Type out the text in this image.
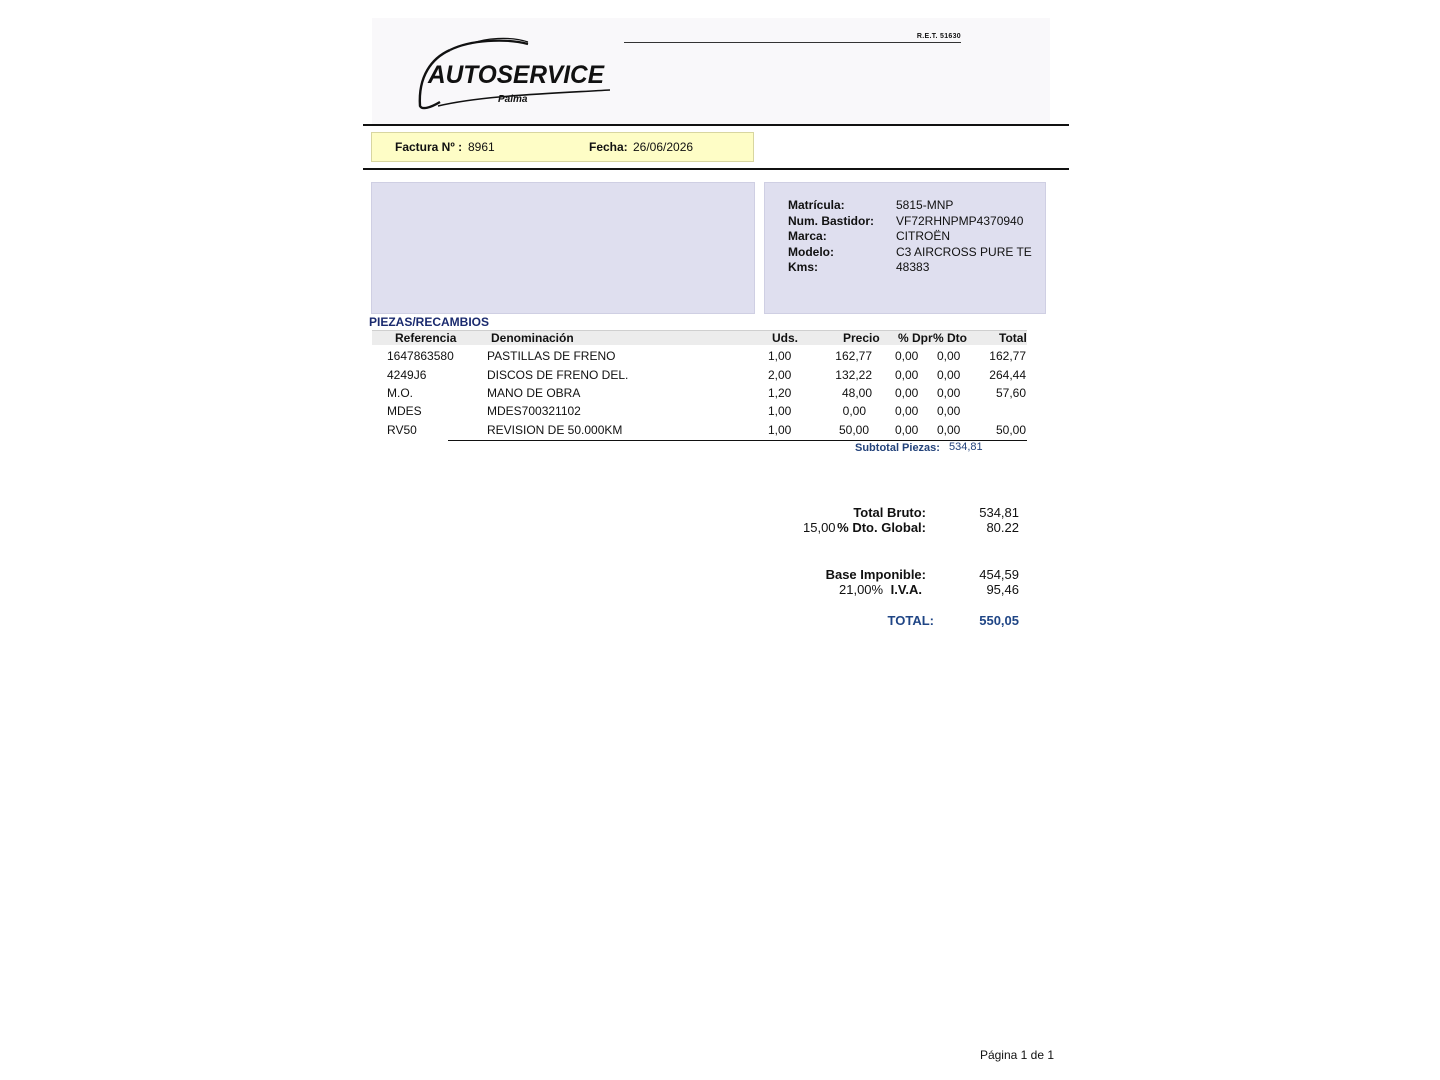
AUTOSERVICE
Palma
R.E.T. 51630
Factura Nº : 8961	Fecha: 26/06/2026
Matrícula:	5815-MNP
Num. Bastidor: VF72RHNPMP4370940
Marca:	CITROËN
Modelo:	C3 AIRCROSS PURE TE
Kms:	48383
PIEZAS/RECAMBIOS
Referencia	Denominación	Uds.	Precio % Dpr % Dto	Total
1647863580	PASTILLAS DE FRENO	1,00	162,77 0,00 0,00	162,77
4249J6	DISCOS DE FRENO DEL.	2,00	132,22 0,00 0,00	264,44
M.O.	MANO DE OBRA	1,20	48,00 0,00 0,00	57,60
MDES	MDES700321102	1,00	0,00 0,00 0,00
RV50	REVISION DE 50.000KM	1,00	50,00 0,00 0,00	50,00
Subtotal Piezas: 534,81
Total Bruto:	534,81
15,00 % Dto. Global:	80.22
Base Imponible:	454,59
21,00% I.V.A.	95,46
TOTAL:	550,05
Página 1 de 1
